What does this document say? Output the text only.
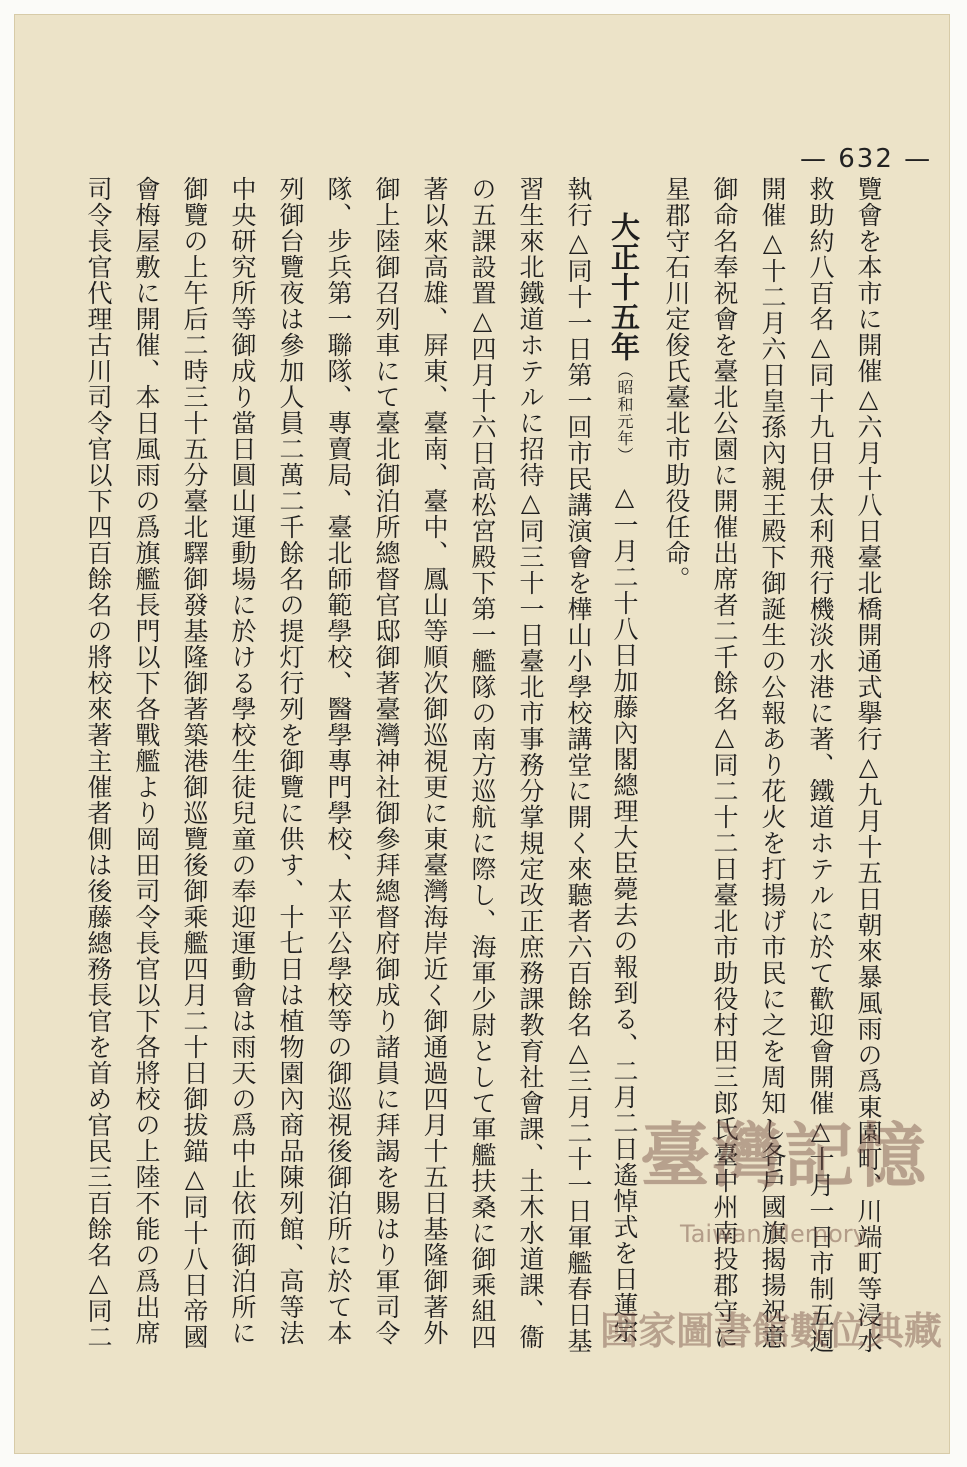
— 632 —
覽會を本市に開催△六月十八日臺北橋開通式擧行△九月十五日朝來暴風雨の爲東園町、川端町等浸水
救助約八百名△同十九日伊太利飛行機淡水港に著、鐵道ホテルに於て歡迎會開催△十月一日市制五週
開催△十二月六日皇孫內親王殿下御誕生の公報あり花火を打揚げ市民に之を周知し各戶國旗揭揚祝意
御命名奉祝會を臺北公園に開催出席者二千餘名△同二十二日臺北市助役村田三郎氏臺中州南投郡守に
星郡守石川定俊氏臺北市助役任命。
大正十五年（昭和元年）　△一月二十八日加藤內閣總理大臣薨去の報到る、二月二日遙悼式を日蓮宗
執行△同十一日第一回市民講演會を樺山小學校講堂に開く來聽者六百餘名△三月二十一日軍艦春日基
習生來北鐵道ホテルに招待△同三十一日臺北市事務分掌規定改正庶務課教育社會課、土木水道課、衞
の五課設置△四月十六日高松宮殿下第一艦隊の南方巡航に際し、海軍少尉として軍艦扶桑に御乘組四
著以來高雄、屛東、臺南、臺中、鳳山等順次御巡視更に東臺灣海岸近く御通過四月十五日基隆御著外
御上陸御召列車にて臺北御泊所總督官邸御著臺灣神社御參拜總督府御成り諸員に拜謁を賜はり軍司令
隊、步兵第一聯隊、專賣局、臺北師範學校、醫學專門學校、太平公學校等の御巡視後御泊所に於て本
列御台覽夜は參加人員二萬二千餘名の提灯行列を御覽に供す、十七日は植物園內商品陳列館、高等法
中央研究所等御成り當日圓山運動場に於ける學校生徒兒童の奉迎運動會は雨天の爲中止依而御泊所に
御覽の上午后二時三十五分臺北驛御發基隆御著築港御巡覽後御乘艦四月二十日御拔錨△同十八日帝國
會梅屋敷に開催、本日風雨の爲旗艦長門以下各戰艦より岡田司令長官以下各將校の上陸不能の爲出席
司令長官代理古川司令官以下四百餘名の將校來著主催者側は後藤總務長官を首め官民三百餘名△同二
臺灣記憶
Taiwan Memory
國家圖書館數位典藏
